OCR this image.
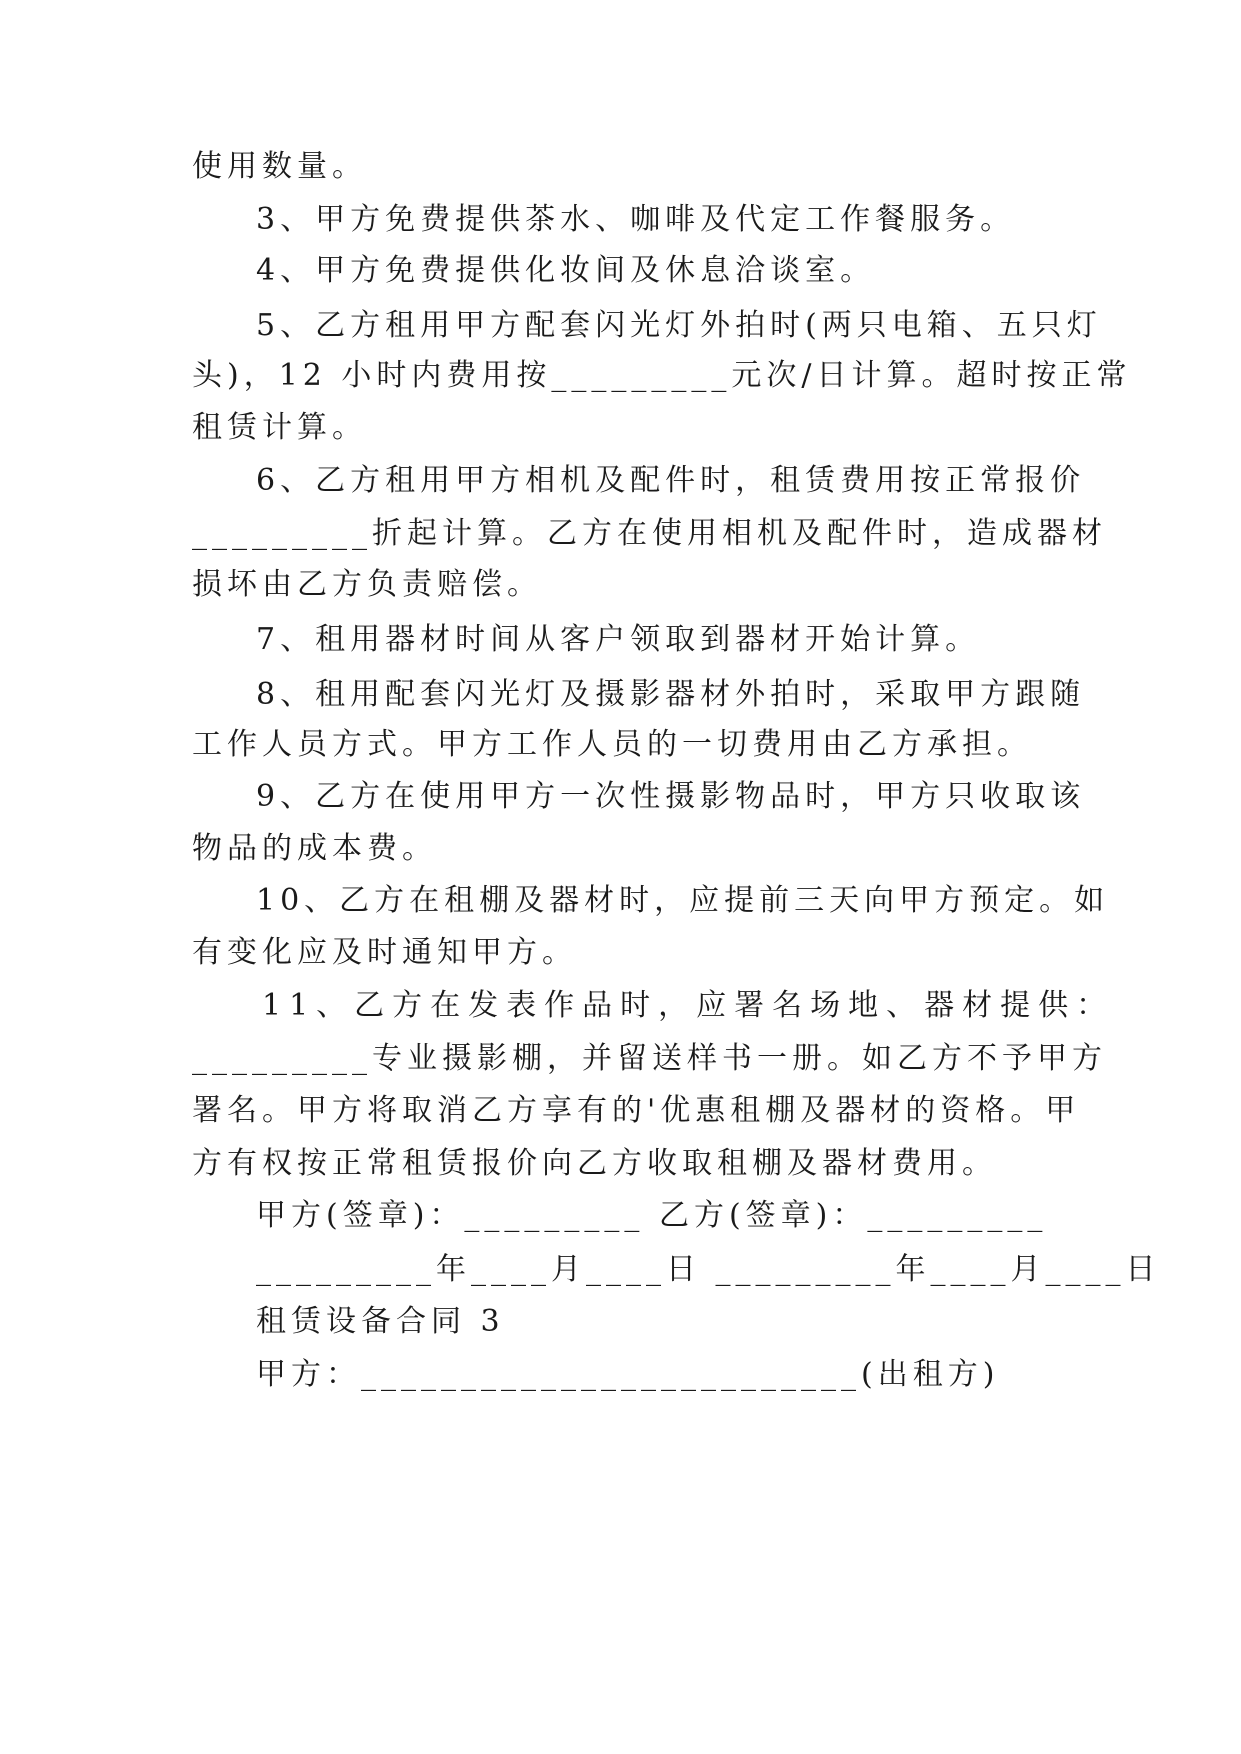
使用数量。
3、甲方免费提供茶水、咖啡及代定工作餐服务。
4、甲方免费提供化妆间及休息洽谈室。
5、乙方租用甲方配套闪光灯外拍时(两只电箱、五只灯
头)，12 小时内费用按_________元次/日计算。超时按正常
租赁计算。
6、乙方租用甲方相机及配件时，租赁费用按正常报价
_________折起计算。乙方在使用相机及配件时，造成器材
损坏由乙方负责赔偿。
7、租用器材时间从客户领取到器材开始计算。
8、租用配套闪光灯及摄影器材外拍时，采取甲方跟随
工作人员方式。甲方工作人员的一切费用由乙方承担。
9、乙方在使用甲方一次性摄影物品时，甲方只收取该
物品的成本费。
10、乙方在租棚及器材时，应提前三天向甲方预定。如
有变化应及时通知甲方。
11、乙方在发表作品时，应署名场地、器材提供：
_________专业摄影棚，并留送样书一册。如乙方不予甲方
署名。甲方将取消乙方享有的'优惠租棚及器材的资格。甲
方有权按正常租赁报价向乙方收取租棚及器材费用。
甲方(签章)：_________ 乙方(签章)：_________
_________年____月____日 _________年____月____日
租赁设备合同 3
甲方：_________________________(出租方)
